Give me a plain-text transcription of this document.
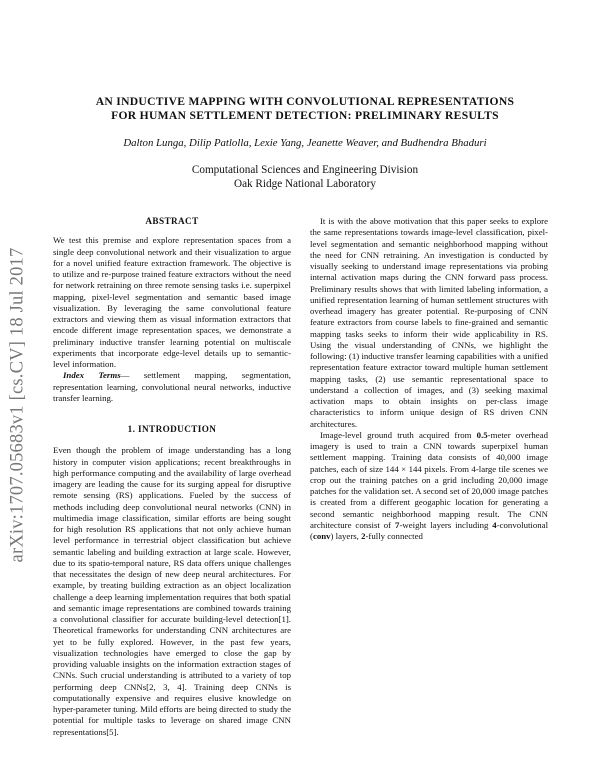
arXiv:1707.05683v1 [cs.CV] 18 Jul 2017
AN INDUCTIVE MAPPING WITH CONVOLUTIONAL REPRESENTATIONS
FOR HUMAN SETTLEMENT DETECTION: PRELIMINARY RESULTS
Dalton Lunga, Dilip Patlolla, Lexie Yang, Jeanette Weaver, and Budhendra Bhaduri
Computational Sciences and Engineering Division
Oak Ridge National Laboratory
ABSTRACT

We test this premise and explore representation spaces from a single deep convolutional network and their visualization to argue for a novel unified feature extraction framework. The objective is to utilize and re-purpose trained feature extractors without the need for network retraining on three remote sensing tasks i.e. superpixel mapping, pixel-level segmentation and semantic based image visualization. By leveraging the same convolutional feature extractors and viewing them as visual information extractors that encode different image representation spaces, we demonstrate a preliminary inductive transfer learning potential on multiscale experiments that incorporate edge-level details up to semantic-level information.

Index Terms— settlement mapping, segmentation, representation learning, convolutional neural networks, inductive transfer learning.

1. INTRODUCTION

Even though the problem of image understanding has a long history in computer vision applications; recent breakthroughs in high performance computing and the availability of large overhead imagery are leading the cause for its surging appeal for disruptive remote sensing (RS) applications. Fueled by the success of methods including deep convolutional neural networks (CNN) in multimedia image classification, similar efforts are being sought for high resolution RS applications that not only achieve human level performance in terrestrial object classification but achieve semantic labeling and building extraction at large scale. However, due to its spatio-temporal nature, RS data offers unique challenges that necessitates the design of new deep neural architectures. For example, by treating building extraction as an object localization challenge a deep learning implementation requires that both spatial and semantic image representations are combined towards training a convolutional classifier for accurate building-level detection[1]. Theoretical frameworks for understanding CNN architectures are yet to be fully explored. However, in the past few years, visualization technologies have emerged to close the gap by providing valuable insights on the information extraction stages of CNNs. Such crucial understanding is attributed to a variety of top performing deep CNNs[2, 3, 4]. Training deep CNNs is computationally expensive and requires elusive knowledge on hyper-parameter tuning. Mild efforts are being directed to study the potential for multiple tasks to leverage on shared image CNN representations[5].

It is with the above motivation that this paper seeks to explore the same representations towards image-level classification, pixel-level segmentation and semantic neighborhood mapping without the need for CNN retraining. An investigation is conducted by visually seeking to understand image representations via probing internal activation maps during the CNN forward pass process. Preliminary results shows that with limited labeling information, a unified representation learning of human settlement structures with overhead imagery has greater potential. Re-purposing of CNN feature extractors from course labels to fine-grained and semantic mapping tasks seeks to inform their wide applicability in RS. Using the visual understanding of CNNs, we highlight the following: (1) inductive transfer learning capabilities with a unified representation feature extractor toward multiple human settlement mapping tasks, (2) use semantic representational space to understand a collection of images, and (3) seeking maximal activation maps to obtain insights on per-class image characteristics to inform unique design of RS driven CNN architectures.

Image-level ground truth acquired from 0.5-meter overhead imagery is used to train a CNN towards superpixel human settlement mapping. Training data consists of 40,000 image patches, each of size 144 × 144 pixels. From 4-large tile scenes we crop out the training patches on a grid including 20,000 image patches for the validation set. A second set of 20,000 image patches is created from a different geogaphic location for generating a second semantic neighborhood mapping result. The CNN architecture consist of 7-weight layers including 4-convolutional (conv) layers, 2-fully connected
